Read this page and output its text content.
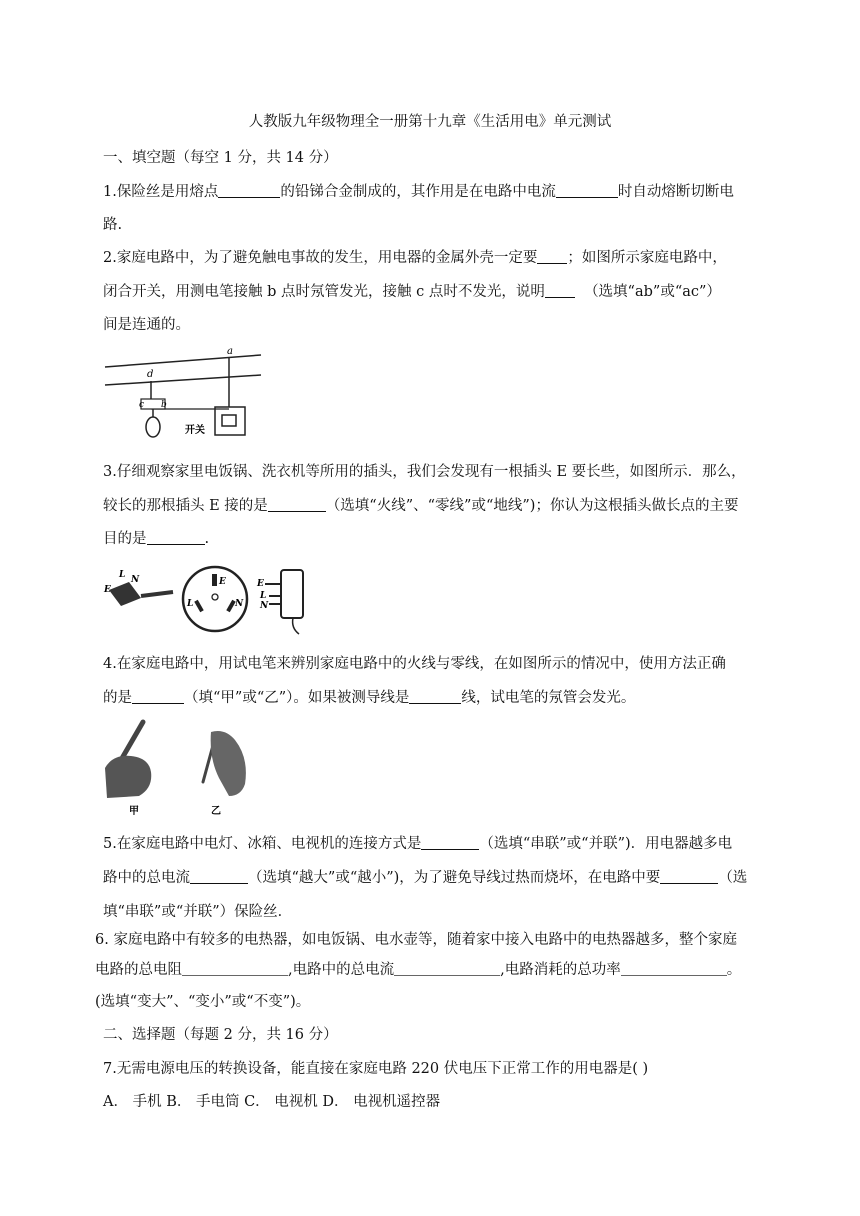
人教版九年级物理全一册第十九章《生活用电》单元测试
一、填空题（每空 1 分，共 14 分）
1.保险丝是用熔点	的铅锑合金制成的，其作用是在电路中电流	时自动熔断切断电
路.
2.家庭电路中，为了避免触电事故的发生，用电器的金属外壳一定要 ；如图所示家庭电路中，
闭合开关，用测电笔接触 b 点时氖管发光，接触 c 点时不发光，说明	（选填“ab”或“ac”）
间是连通的。
a
d
c b
开关
3.仔细观察家里电饭锅、洗衣机等所用的插头，我们会发现有一根插头 E 要长些，如图所示．那么，
较长的那根插头 E 接的是	（选填“火线”、“零线”或“地线”)；你认为这根插头做长点的主要
目的是	.
E
L N	E
L	N
E
L
N
4.在家庭电路中，用试电笔来辨别家庭电路中的火线与零线，在如图所示的情况中，使用方法正确
的是	（填“甲”或“乙”）。如果被测导线是	线，试电笔的氖管会发光。
甲	乙
5.在家庭电路中电灯、冰箱、电视机的连接方式是	（选填“串联”或“并联”)．用电器越多电
路中的总电流	（选填“越大”或“越小”)，为了避免导线过热而烧坏，在电路中要	（选
填“串联”或“并联”）保险丝．
6. 家庭电路中有较多的电热器，如电饭锅、电水壶等，随着家中接入电路中的电热器越多，整个家庭
电路的总电阻	,电路中的总电流	,电路消耗的总功率	。
(选填“变大”、“变小”或“不变”)。
二、选择题（每题 2 分，共 16 分）
7.无需电源电压的转换设备，能直接在家庭电路 220 伏电压下正常工作的用电器是( )
A． 手机 B． 手电筒 C． 电视机 D． 电视机遥控器
